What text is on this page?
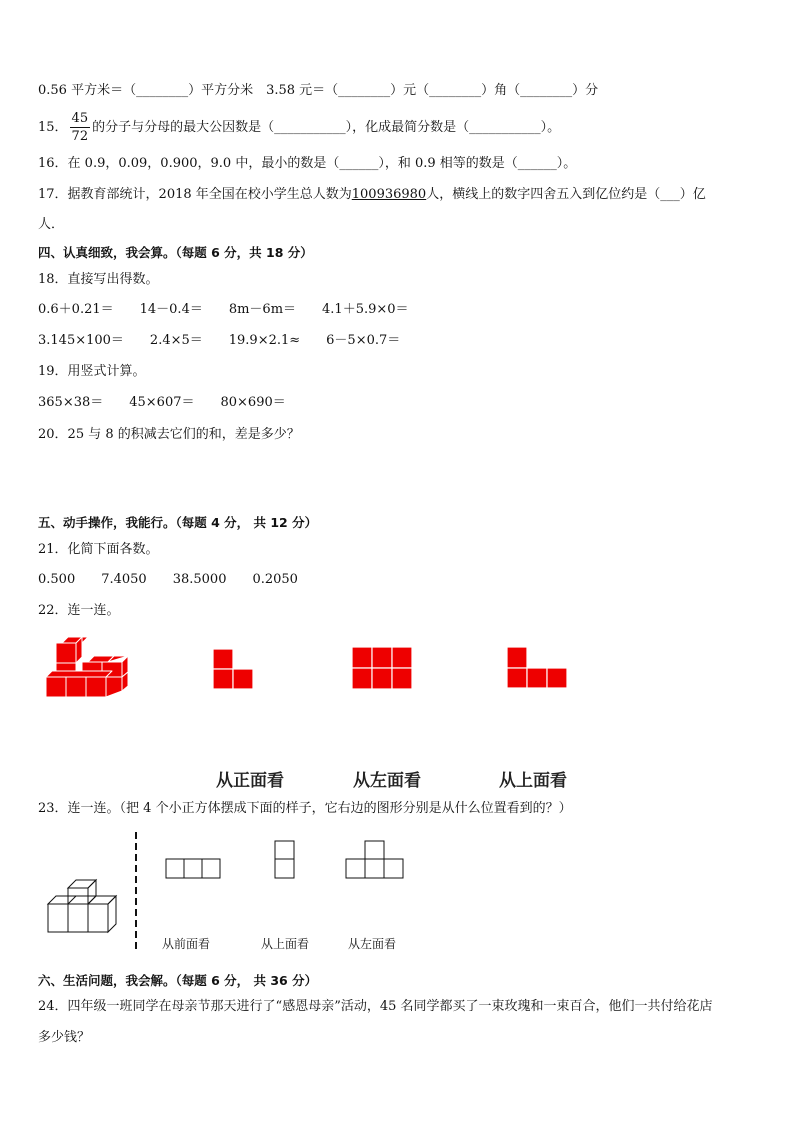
0.56 平方米＝（________）平方分米　3.58 元＝（________）元（________）角（________）分
15． $\frac{45}{72}$ 的分子与分母的最大公因数是（___________），化成最简分数是（___________）。
16．在 0.9，0.09，0.900，9.0 中，最小的数是（______），和 0.9 相等的数是（______）。
17．据教育部统计，2018 年全国在校小学生总人数为100936980人，横线上的数字四舍五入到亿位约是（___）亿
人．
四、认真细致，我会算。（每题 6 分，共 18 分）
18．直接写出得数。
0.6＋0.21＝　　14－0.4＝　　8m－6m＝　　4.1＋5.9×0＝
3.145×100＝　　2.4×5＝　　19.9×2.1≈　　6－5×0.7＝
19．用竖式计算。
365×38＝　　45×607＝　　80×690＝
20．25 与 8 的积减去它们的和，差是多少？
五、动手操作，我能行。（每题 4 分， 共 12 分）
21．化简下面各数。
0.500　　7.4050　　38.5000　　0.2050
22．连一连。
从正面看	从左面看	从上面看
23．连一连。（把 4 个小正方体摆成下面的样子，它右边的图形分别是从什么位置看到的？）
从前面看	从上面看	从左面看
六、生活问题，我会解。（每题 6 分， 共 36 分）
24．四年级一班同学在母亲节那天进行了“感恩母亲”活动，45 名同学都买了一束玫瑰和一束百合，他们一共付给花店
多少钱？
